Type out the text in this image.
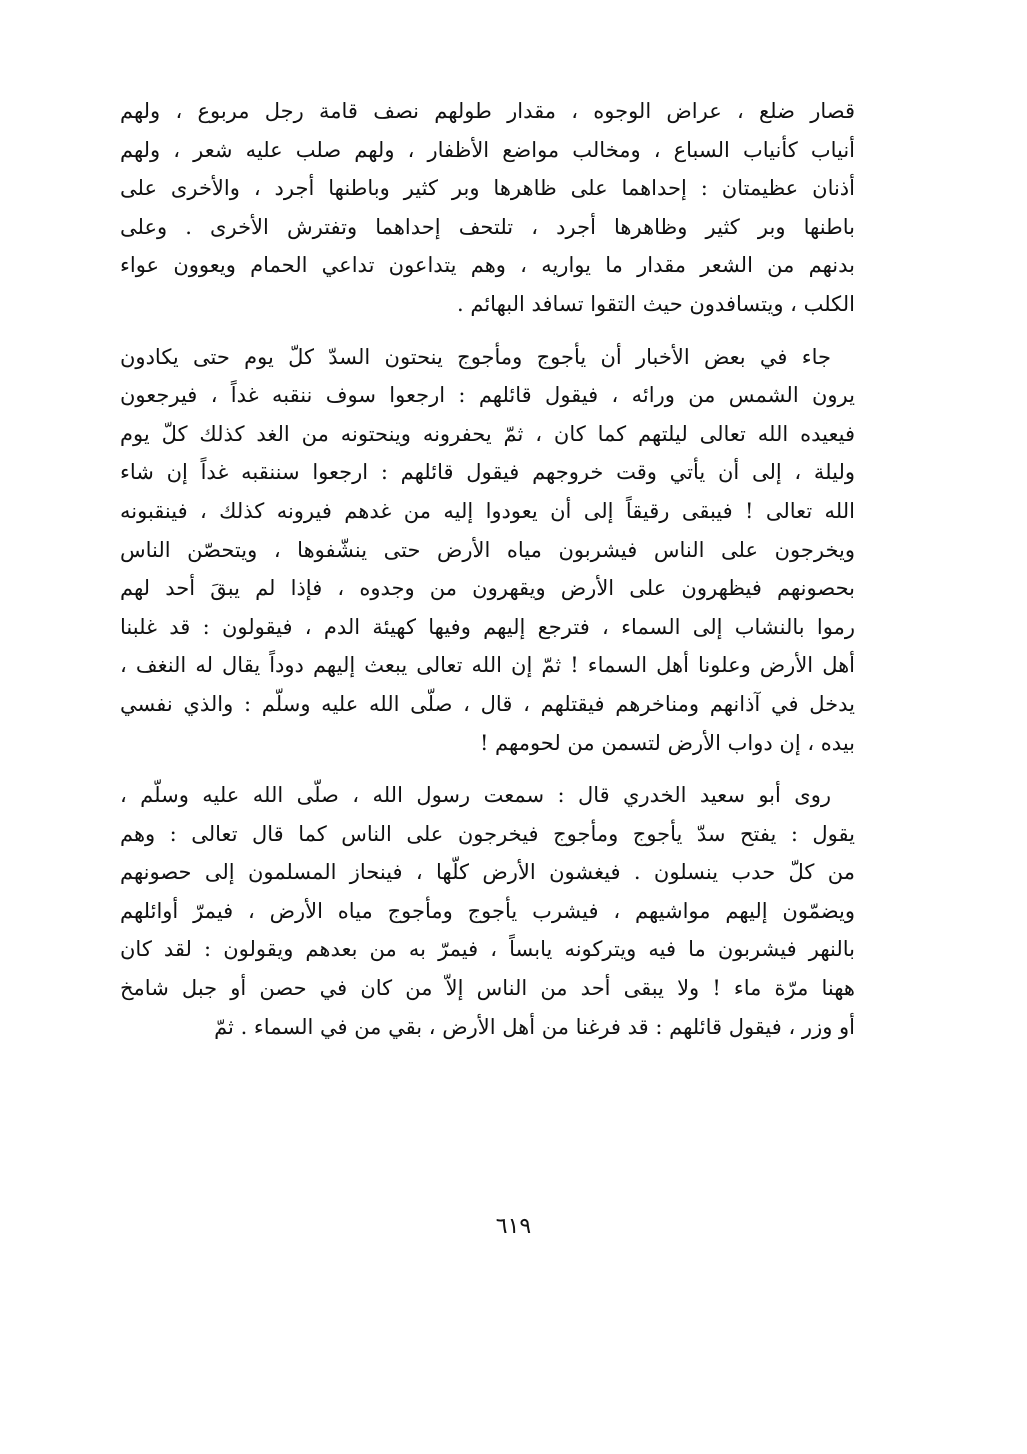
قصار ضلع ، عراض الوجوه ، مقدار طولهم نصف قامة رجل مربوع ، ولهم
أنياب كأنياب السباع ، ومخالب مواضع الأظفار ، ولهم صلب عليه شعر ، ولهم
أذنان عظيمتان : إحداهما على ظاهرها وبر كثير وباطنها أجرد ، والأخرى على
باطنها وبر كثير وظاهرها أجرد ، تلتحف إحداهما وتفترش الأخرى . وعلى
بدنهم من الشعر مقدار ما يواريه ، وهم يتداعون تداعي الحمام ويعوون عواء
الكلب ، ويتسافدون حيث التقوا تسافد البهائم .
جاء في بعض الأخبار أن يأجوج ومأجوج ينحتون السدّ كلّ يوم حتى يكادون
يرون الشمس من ورائه ، فيقول قائلهم : ارجعوا سوف ننقبه غداً ، فيرجعون
فيعيده الله تعالى ليلتهم كما كان ، ثمّ يحفرونه وينحتونه من الغد كذلك كلّ يوم
وليلة ، إلى أن يأتي وقت خروجهم فيقول قائلهم : ارجعوا سننقبه غداً إن شاء
الله تعالى ! فيبقى رقيقاً إلى أن يعودوا إليه من غدهم فيرونه كذلك ، فينقبونه
ويخرجون على الناس فيشربون مياه الأرض حتى ينشّفوها ، ويتحصّن الناس
بحصونهم فيظهرون على الأرض ويقهرون من وجدوه ، فإذا لم يبقَ أحد لهم
رموا بالنشاب إلى السماء ، فترجع إليهم وفيها كهيئة الدم ، فيقولون : قد غلبنا
أهل الأرض وعلونا أهل السماء ! ثمّ إن الله تعالى يبعث إليهم دوداً يقال له النغف ،
يدخل في آذانهم ومناخرهم فيقتلهم ، قال ، صلّى الله عليه وسلّم : والذي نفسي
بيده ، إن دواب الأرض لتسمن من لحومهم !
روى أبو سعيد الخدري قال : سمعت رسول الله ، صلّى الله عليه وسلّم ،
يقول : يفتح سدّ يأجوج ومأجوج فيخرجون على الناس كما قال تعالى : وهم
من كلّ حدب ينسلون . فيغشون الأرض كلّها ، فينحاز المسلمون إلى حصونهم
ويضمّون إليهم مواشيهم ، فيشرب يأجوج ومأجوج مياه الأرض ، فيمرّ أوائلهم
بالنهر فيشربون ما فيه ويتركونه يابساً ، فيمرّ به من بعدهم ويقولون : لقد كان
ههنا مرّة ماء ! ولا يبقى أحد من الناس إلاّ من كان في حصن أو جبل شامخ
أو وزر ، فيقول قائلهم : قد فرغنا من أهل الأرض ، بقي من في السماء . ثمّ
٦١٩
